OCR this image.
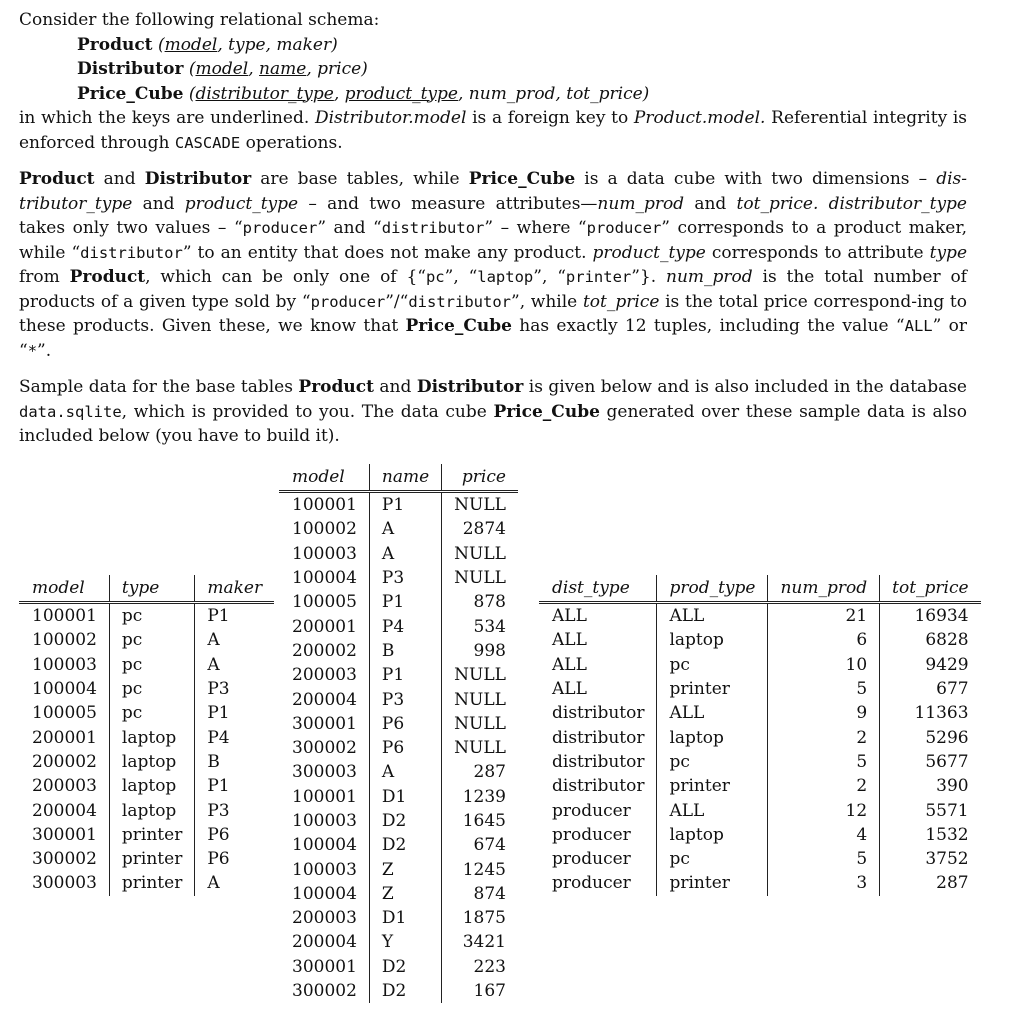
Consider the following relational schema:

Product (model, type, maker)

Distributor (model, name, price)

Price_Cube (distributor_type, product_type, num_prod, tot_price)

in which the keys are underlined. Distributor.model is a foreign key to Product.model. Referential integrity is enforced through CASCADE operations.

Product and Distributor are base tables, while Price_Cube is a data cube with two dimensions – dis-tributor_type and product_type – and two measure attributes—num_prod and tot_price. distributor_type takes only two values – “producer” and “distributor” – where “producer” corresponds to a product maker, while “distributor” to an entity that does not make any product. product_type corresponds to attribute type from Product, which can be only one of {“pc”, “laptop”, “printer”}. num_prod is the total number of products of a given type sold by “producer”/“distributor”, while tot_price is the total price correspond-ing to these products. Given these, we know that Price_Cube has exactly 12 tuples, including the value “ALL” or “*”.

Sample data for the base tables Product and Distributor is given below and is also included in the database data.sqlite, which is provided to you. The data cube Price_Cube generated over these sample data is also included below (you have to build it).

model	type	maker
100001	pc	P1
100002	pc	A
100003	pc	A
100004	pc	P3
100005	pc	P1
200001	laptop	P4
200002	laptop	B
200003	laptop	P1
200004	laptop	P3
300001	printer	P6
300002	printer	P6
300003	printer	A
model	name	price
100001	P1	NULL
100002	A	2874
100003	A	NULL
100004	P3	NULL
100005	P1	878
200001	P4	534
200002	B	998
200003	P1	NULL
200004	P3	NULL
300001	P6	NULL
300002	P6	NULL
300003	A	287
100001	D1	1239
100003	D2	1645
100004	D2	674
100003	Z	1245
100004	Z	874
200003	D1	1875
200004	Y	3421
300001	D2	223
300002	D2	167
dist_type	prod_type	num_prod	tot_price
ALL	ALL	21	16934
ALL	laptop	6	6828
ALL	pc	10	9429
ALL	printer	5	677
distributor	ALL	9	11363
distributor	laptop	2	5296
distributor	pc	5	5677
distributor	printer	2	390
producer	ALL	12	5571
producer	laptop	4	1532
producer	pc	5	3752
producer	printer	3	287
